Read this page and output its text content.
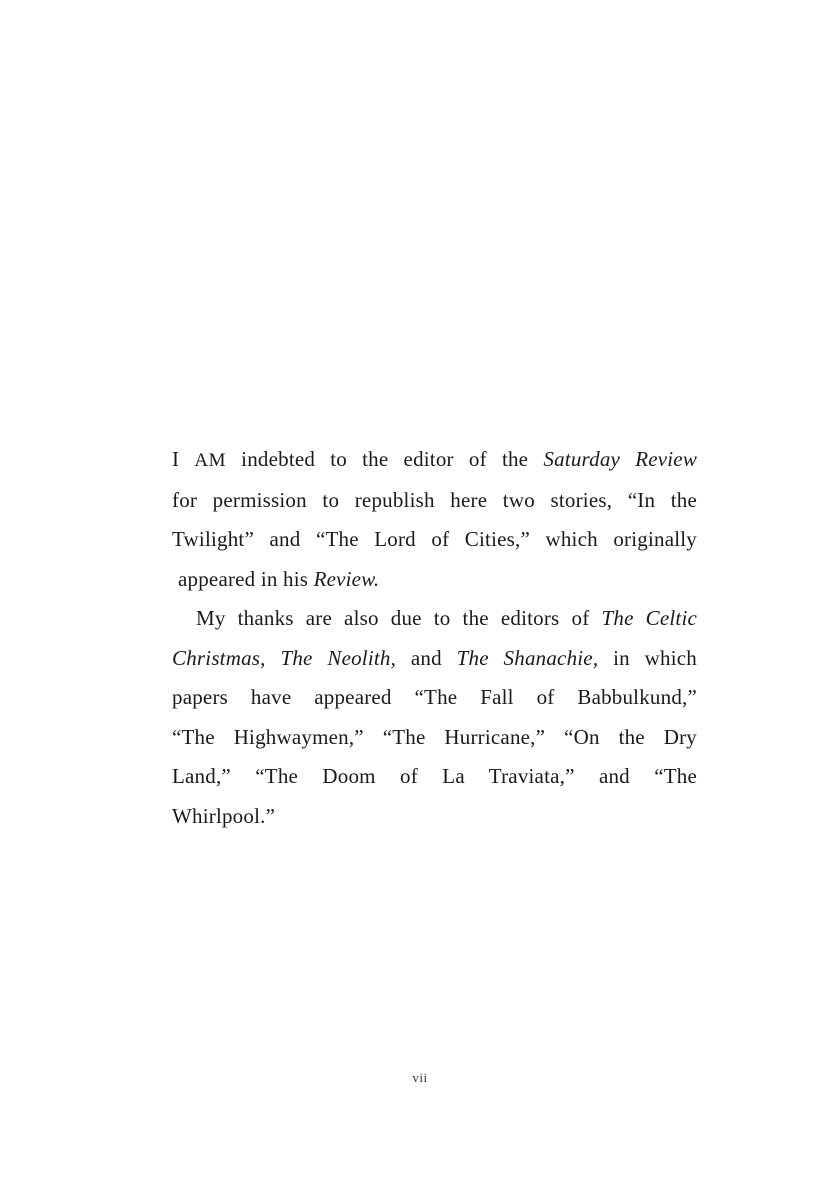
I AM indebted to the editor of the Saturday Review

for permission to republish here two stories, “In the
Twilight” and “The Lord of Cities,” which originally
appeared in his Review.
My thanks are also due to the editors of The Celtic
Christmas, The Neolith, and The Shanachie, in which
papers have appeared “The Fall of Babbulkund,”
“The Highwaymen,” “The Hurricane,” “On the Dry
Land,” “The Doom of La Traviata,” and “The
Whirlpool.”
vii
